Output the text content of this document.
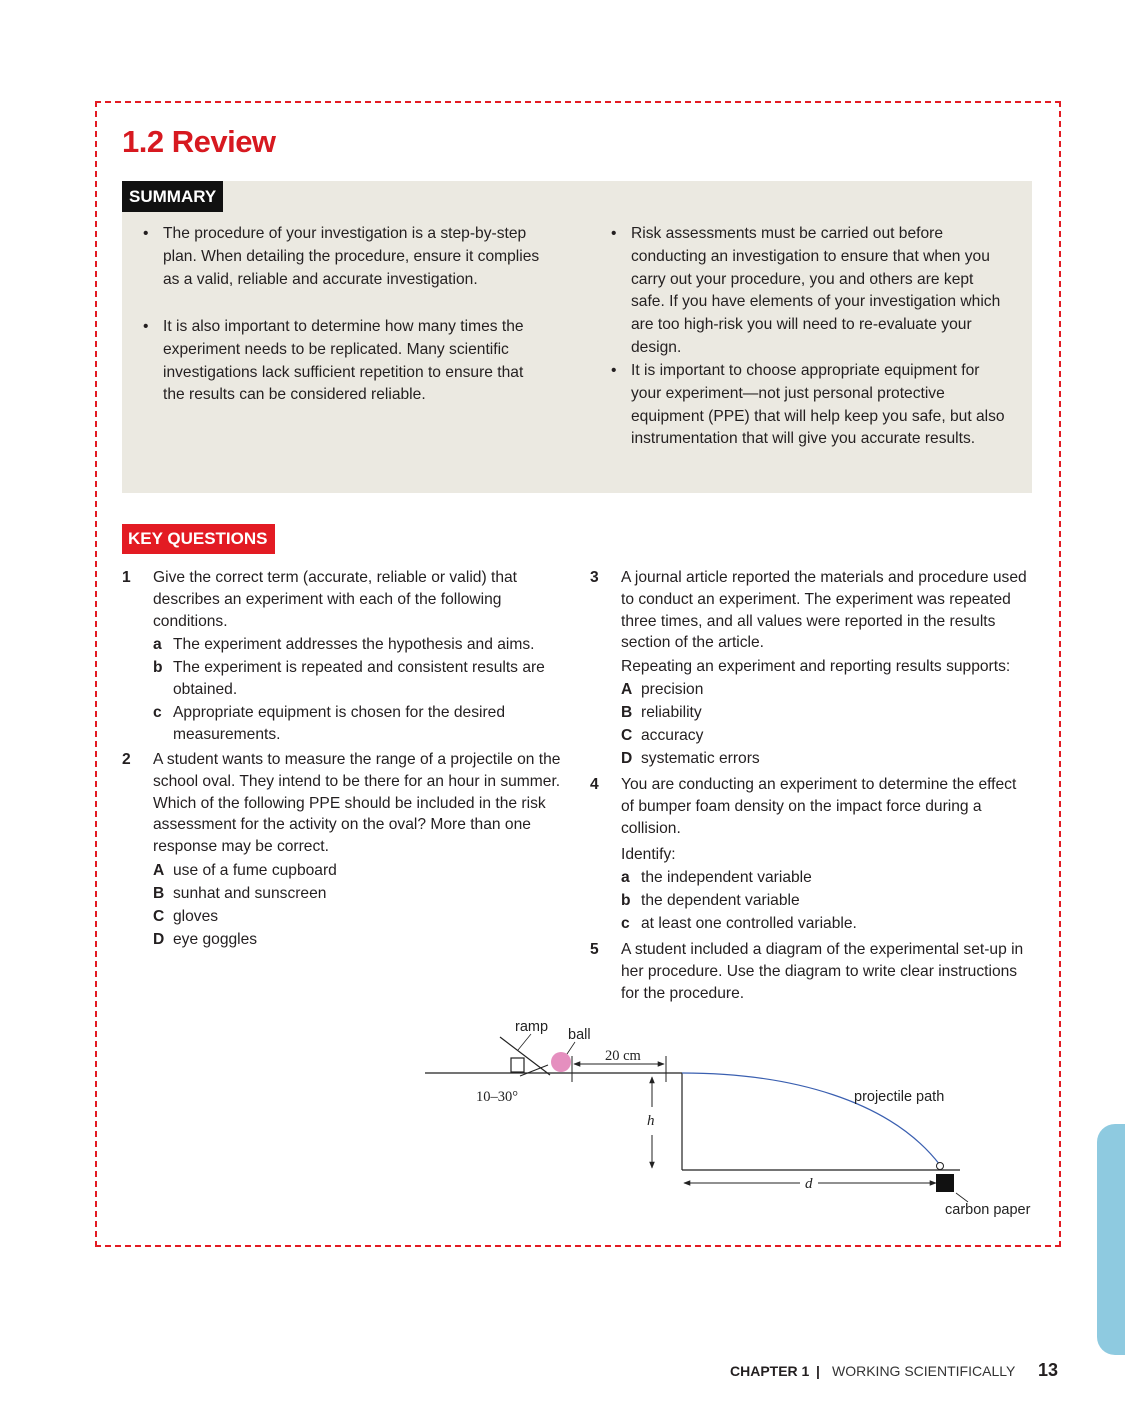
1.2 Review
SUMMARY
• The procedure of your investigation is a step-by-step plan. When detailing the procedure, ensure it complies as a valid, reliable and accurate investigation.
• It is also important to determine how many times the experiment needs to be replicated. Many scientific investigations lack sufficient repetition to ensure that the results can be considered reliable.
• Risk assessments must be carried out before conducting an investigation to ensure that when you carry out your procedure, you and others are kept safe. If you have elements of your investigation which are too high-risk you will need to re-evaluate your design.
• It is important to choose appropriate equipment for your experiment—not just personal protective equipment (PPE) that will help keep you safe, but also instrumentation that will give you accurate results.
KEY QUESTIONS
1 Give the correct term (accurate, reliable or valid) that describes an experiment with each of the following conditions.
a The experiment addresses the hypothesis and aims.
b The experiment is repeated and consistent results are obtained.
c Appropriate equipment is chosen for the desired measurements.
2 A student wants to measure the range of a projectile on the school oval. They intend to be there for an hour in summer. Which of the following PPE should be included in the risk assessment for the activity on the oval? More than one response may be correct.
A use of a fume cupboard
B sunhat and sunscreen
C gloves
D eye goggles
3 A journal article reported the materials and procedure used to conduct an experiment. The experiment was repeated three times, and all values were reported in the results section of the article.
Repeating an experiment and reporting results supports:
A precision
B reliability
C accuracy
D systematic errors
4 You are conducting an experiment to determine the effect of bumper foam density on the impact force during a collision.
Identify:
a the independent variable
b the dependent variable
c at least one controlled variable.
5 A student included a diagram of the experimental set-up in her procedure. Use the diagram to write clear instructions for the procedure.
ramp ball
20 cm
10–30°
h
d
projectile path
carbon paper
CHAPTER 1 | WORKING SCIENTIFICALLY 13
